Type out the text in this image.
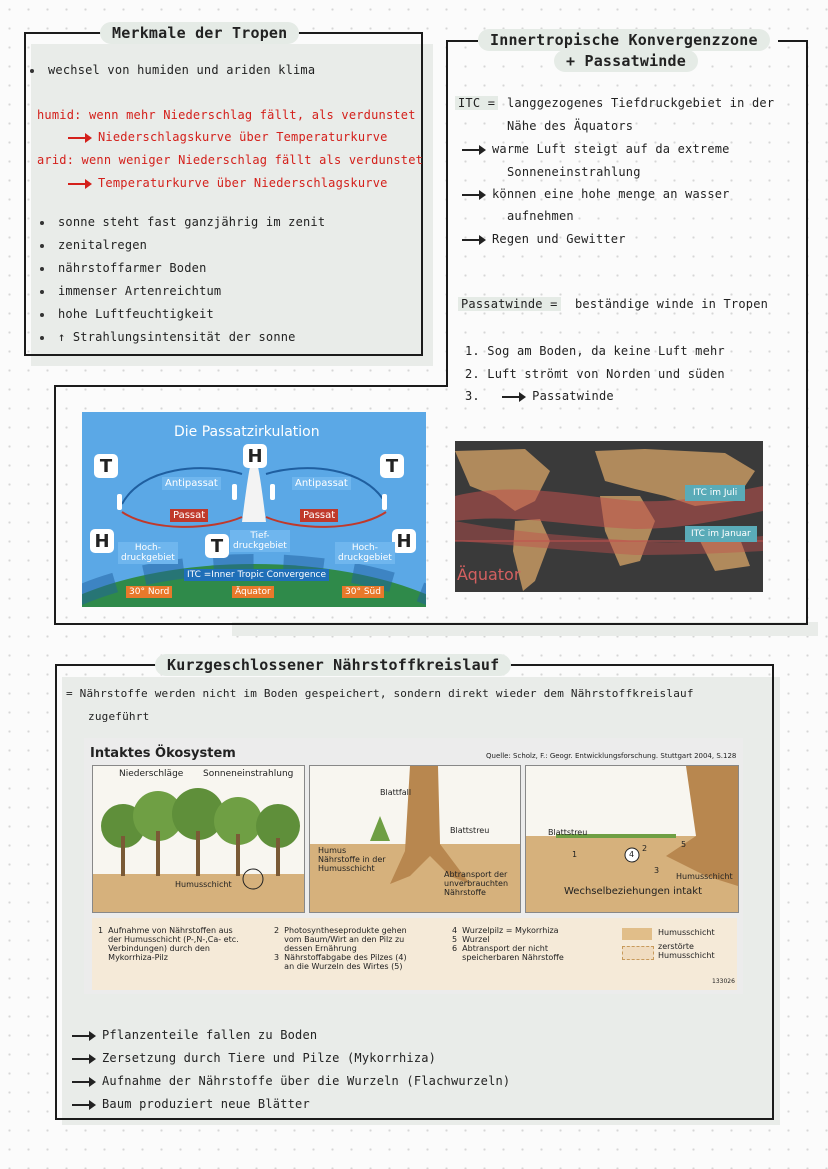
Merkmale der Tropen
wechsel von humiden und ariden klima
humid: wenn mehr Niederschlag fällt, als verdunstet
Niederschlagskurve über Temperaturkurve
arid: wenn weniger Niederschlag fällt als verdunstet
Temperaturkurve über Niederschlagskurve
sonne steht fast ganzjährig im zenit
zenitalregen
nährstoffarmer Boden
immenser Artenreichtum
hohe Luftfeuchtigkeit
↑ Strahlungsintensität der sonne
Innertropische Konvergenzzone
+ Passatwinde
ITC = langgezogenes Tiefdruckgebiet in der
Nähe des Äquators
warme Luft steigt auf da extreme
Sonneneinstrahlung
können eine hohe menge an wasser
aufnehmen
Regen und Gewitter
Passatwinde = beständige winde in Tropen
1. Sog am Boden, da keine Luft mehr
2. Luft strömt von Norden und süden
3.	Passatwinde
Die Passatzirkulation
T	H	T
H	T	H
Antipassat	Antipassat
Passat	Passat
Hoch-
druckgebiet
Tief-
druckgebiet	Hoch-
druckgebiet
ITC =Inner Tropic Convergence
30° Nord	Äquator	30° Süd
ITC im Juli
ITC im Januar
Äquator
Kurzgeschlossener Nährstoffkreislauf
= Nährstoffe werden nicht im Boden gespeichert, sondern direkt wieder dem Nährstoffkreislauf
zugeführt
Intaktes Ökosystem	Quelle: Scholz, F.: Geogr. Entwicklungsforschung. Stuttgart 2004, S.128
Niederschläge Sonneneinstrahlung
Humusschicht
Blattfall
Humus
Nährstoffe in der
Humusschicht
Blattstreu
Abtransport der
unverbrauchten
Nährstoffe
Blattstreu
1	4
2	5
3
Humusschicht
Wechselbeziehungen intakt
1  Aufnahme von Nährstoffen aus
der Humusschicht (P-,N-,Ca- etc.
Verbindungen) durch den
Mykorrhiza-Pilz
2  Photosyntheseprodukte gehen
vom Baum/Wirt an den Pilz zu
dessen Ernährung
3  Nährstoffabgabe des Pilzes (4)
an die Wurzeln des Wirtes (5)
4  Wurzelpilz = Mykorrhiza
5  Wurzel
6  Abtransport der nicht
speicherbaren Nährstoffe
Humusschicht
zerstörte
Humusschicht
133026
Pflanzenteile fallen zu Boden
Zersetzung durch Tiere und Pilze (Mykorrhiza)
Aufnahme der Nährstoffe über die Wurzeln (Flachwurzeln)
Baum produziert neue Blätter
